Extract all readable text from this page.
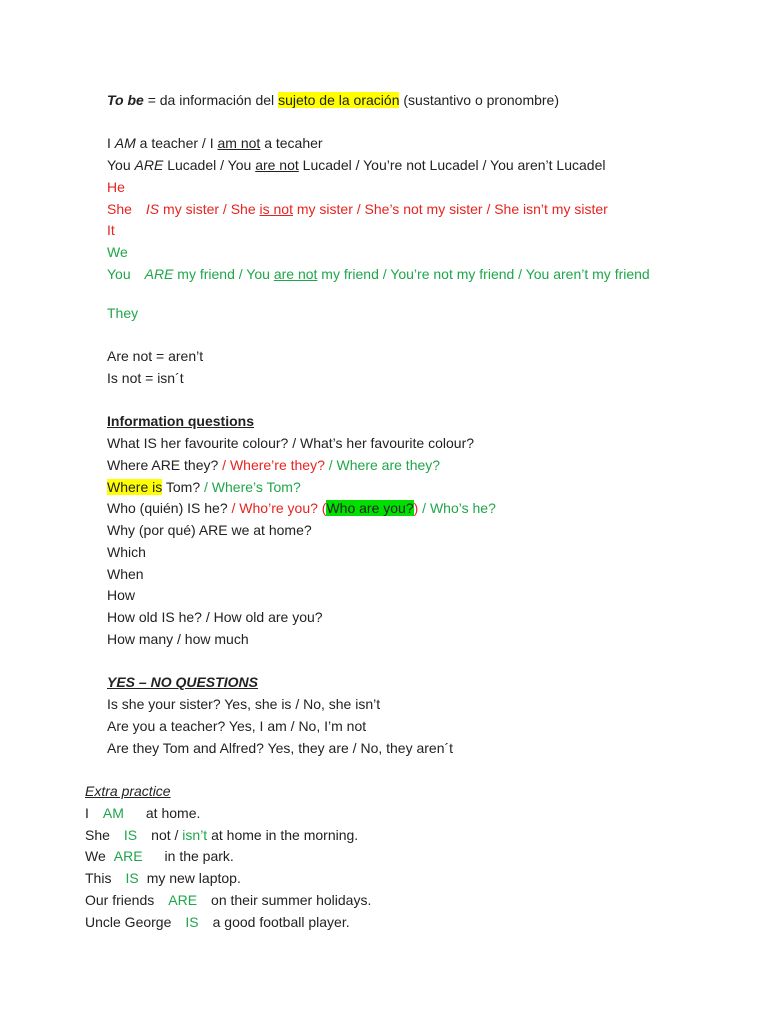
To be = da información del sujeto de la oración (sustantivo o pronombre)
I AM a teacher / I am not a tecaher
You ARE Lucadel / You are not Lucadel / You’re not Lucadel / You aren’t Lucadel
He
She IS my sister / She is not my sister / She’s not my sister / She isn’t my sister
It
We
You ARE my friend / You are not my friend / You’re not my friend / You aren’t my friend
They
Are not = aren’t
Is not = isn´t
Information questions
What IS her favourite colour? / What’s her favourite colour?
Where ARE they? / Where’re they? / Where are they?
Where is Tom? / Where’s Tom?
Who (quién) IS he? / Who’re you? (Who are you?) / Who’s he?
Why (por qué) ARE we at home?
Which
When
How
How old IS he? / How old are you?
How many / how much
YES – NO QUESTIONS
Is she your sister? Yes, she is / No, she isn’t
Are you a teacher? Yes, I am / No, I’m not
Are they Tom and Alfred? Yes, they are / No, they aren´t
Extra practice
I AM at home.
She IS not / isn’t at home in the morning.
We ARE in the park.
This IS my new laptop.
Our friends ARE on their summer holidays.
Uncle George IS a good football player.
